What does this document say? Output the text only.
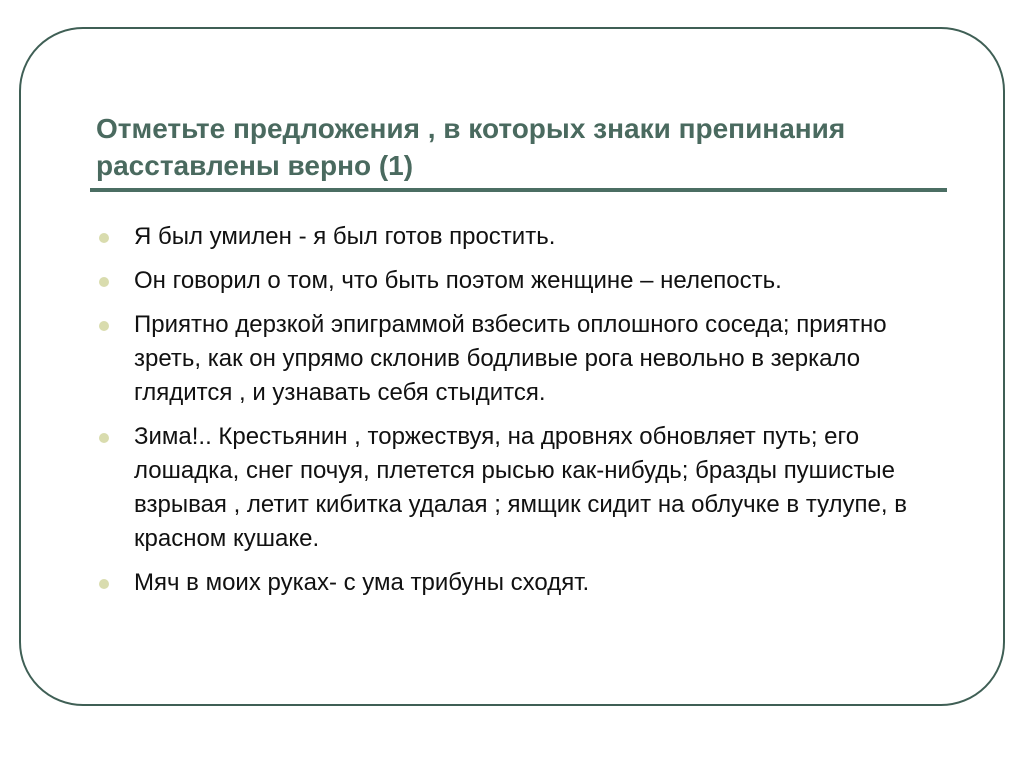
Отметьте предложения , в которых знаки препинания расставлены верно (1)
Я был умилен - я был готов простить.
Он говорил о том, что быть поэтом женщине – нелепость.
Приятно дерзкой эпиграммой взбесить оплошного соседа; приятно зреть, как он упрямо склонив бодливые рога невольно в зеркало глядится , и узнавать себя стыдится.
Зима!.. Крестьянин , торжествуя, на дровнях обновляет путь; его лошадка, снег почуя, плетется рысью как-нибудь; бразды пушистые взрывая , летит кибитка удалая ; ямщик сидит на облучке в тулупе, в красном кушаке.
Мяч в моих руках- с ума трибуны сходят.
